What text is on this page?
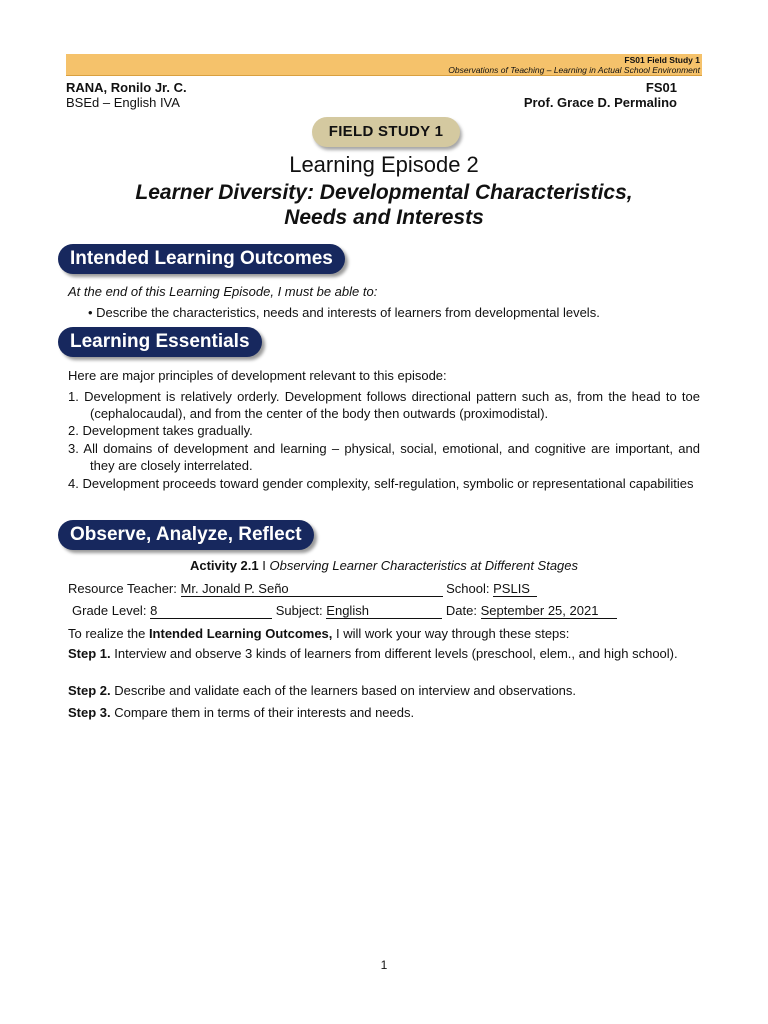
FS01 Field Study 1
Observations of Teaching – Learning in Actual School Environment
RANA, Ronilo Jr. C.
BSEd – English IVA
FS01
Prof. Grace D. Permalino
FIELD STUDY 1
Learning Episode 2
Learner Diversity: Developmental Characteristics,
Needs and Interests
Intended Learning Outcomes
At the end of this Learning Episode, I must be able to:
• Describe the characteristics, needs and interests of learners from developmental levels.
Learning Essentials
Here are major principles of development relevant to this episode:
1. Development is relatively orderly. Development follows directional pattern such as, from the head to toe (cephalocaudal), and from the center of the body then outwards (proximodistal).
2. Development takes gradually.
3. All domains of development and learning – physical, social, emotional, and cognitive are important, and they are closely interrelated.
4. Development proceeds toward gender complexity, self-regulation, symbolic or representational capabilities
Observe, Analyze, Reflect
Activity 2.1 I Observing Learner Characteristics at Different Stages
Resource Teacher: Mr. Jonald P. Seño	School: PSLIS
Grade Level: 8	Subject: English	Date: September 25, 2021
To realize the Intended Learning Outcomes, I will work your way through these steps:
Step 1. Interview and observe 3 kinds of learners from different levels (preschool, elem., and high school).
Step 2. Describe and validate each of the learners based on interview and observations.
Step 3. Compare them in terms of their interests and needs.
1
